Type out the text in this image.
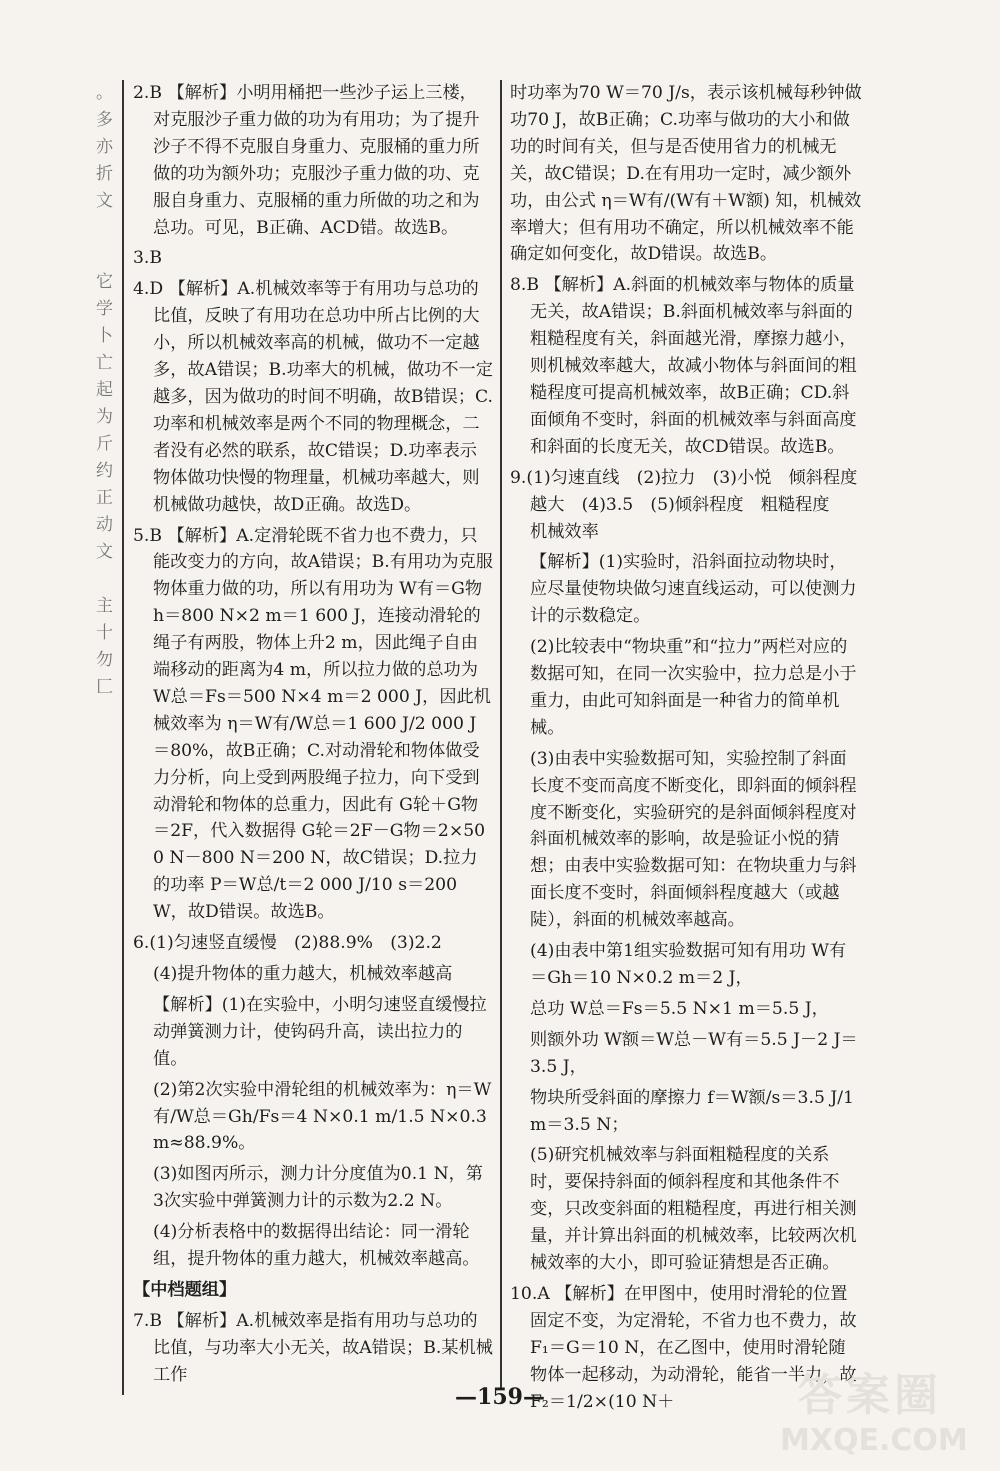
。
多
亦
折
文

它
学
卜
亡
起
为
斤
约
正
动
文

主
十
勿
匚

2.B 【解析】小明用桶把一些沙子运上三楼，对克服沙子重力做的功为有用功；为了提升沙子不得不克服自身重力、克服桶的重力所做的功为额外功；克服沙子重力做的功、克服自身重力、克服桶的重力所做的功之和为总功。可见，B正确、ACD错。故选B。

3.B

4.D 【解析】A.机械效率等于有用功与总功的比值，反映了有用功在总功中所占比例的大小，所以机械效率高的机械，做功不一定越多，故A错误；B.功率大的机械，做功不一定越多，因为做功的时间不明确，故B错误；C.功率和机械效率是两个不同的物理概念，二者没有必然的联系，故C错误；D.功率表示物体做功快慢的物理量，机械功率越大，则机械做功越快，故D正确。故选D。

5.B 【解析】A.定滑轮既不省力也不费力，只能改变力的方向，故A错误；B.有用功为克服物体重力做的功，所以有用功为 W有＝G物 h＝800 N×2 m＝1 600 J，连接动滑轮的绳子有两股，物体上升2 m，因此绳子自由端移动的距离为4 m，所以拉力做的总功为 W总＝Fs＝500 N×4 m＝2 000 J，因此机械效率为 η＝W有/W总＝1 600 J/2 000 J＝80%，故B正确；C.对动滑轮和物体做受力分析，向上受到两股绳子拉力，向下受到动滑轮和物体的总重力，因此有 G轮＋G物＝2F，代入数据得 G轮＝2F－G物＝2×500 N－800 N＝200 N，故C错误；D.拉力的功率 P＝W总/t＝2 000 J/10 s＝200 W，故D错误。故选B。

6.(1)匀速竖直缓慢　(2)88.9%　(3)2.2

(4)提升物体的重力越大，机械效率越高

【解析】(1)在实验中，小明匀速竖直缓慢拉动弹簧测力计，使钩码升高，读出拉力的值。

(2)第2次实验中滑轮组的机械效率为：η＝W有/W总＝Gh/Fs＝4 N×0.1 m/1.5 N×0.3 m≈88.9%。

(3)如图丙所示，测力计分度值为0.1 N，第3次实验中弹簧测力计的示数为2.2 N。

(4)分析表格中的数据得出结论：同一滑轮组，提升物体的重力越大，机械效率越高。

【中档题组】

7.B 【解析】A.机械效率是指有用功与总功的比值，与功率大小无关，故A错误；B.某机械工作

时功率为70 W＝70 J/s，表示该机械每秒钟做功70 J，故B正确；C.功率与做功的大小和做功的时间有关，但与是否使用省力的机械无关，故C错误；D.在有用功一定时，减少额外功，由公式 η＝W有/(W有＋W额) 知，机械效率增大；但有用功不确定，所以机械效率不能确定如何变化，故D错误。故选B。

8.B 【解析】A.斜面的机械效率与物体的质量无关，故A错误；B.斜面机械效率与斜面的粗糙程度有关，斜面越光滑，摩擦力越小，则机械效率越大，故减小物体与斜面间的粗糙程度可提高机械效率，故B正确；CD.斜面倾角不变时，斜面的机械效率与斜面高度和斜面的长度无关，故CD错误。故选B。

9.(1)匀速直线　(2)拉力　(3)小悦　倾斜程度越大　(4)3.5　(5)倾斜程度　粗糙程度　机械效率

【解析】(1)实验时，沿斜面拉动物块时，应尽量使物块做匀速直线运动，可以使测力计的示数稳定。

(2)比较表中“物块重”和“拉力”两栏对应的数据可知，在同一次实验中，拉力总是小于重力，由此可知斜面是一种省力的简单机械。

(3)由表中实验数据可知，实验控制了斜面长度不变而高度不断变化，即斜面的倾斜程度不断变化，实验研究的是斜面倾斜程度对斜面机械效率的影响，故是验证小悦的猜想；由表中实验数据可知：在物块重力与斜面长度不变时，斜面倾斜程度越大（或越陡），斜面的机械效率越高。

(4)由表中第1组实验数据可知有用功 W有＝Gh＝10 N×0.2 m＝2 J，

总功 W总＝Fs＝5.5 N×1 m＝5.5 J，

则额外功 W额＝W总－W有＝5.5 J－2 J＝3.5 J，

物块所受斜面的摩擦力 f＝W额/s＝3.5 J/1 m＝3.5 N；

(5)研究机械效率与斜面粗糙程度的关系时，要保持斜面的倾斜程度和其他条件不变，只改变斜面的粗糙程度，再进行相关测量，并计算出斜面的机械效率，比较两次机械效率的大小，即可验证猜想是否正确。

10.A 【解析】在甲图中，使用时滑轮的位置固定不变，为定滑轮，不省力也不费力，故 F₁＝G＝10 N，在乙图中，使用时滑轮随物体一起移动，为动滑轮，能省一半力，故 F₂＝1/2×(10 N＋

—159—	答案圈
MXQE.COM
